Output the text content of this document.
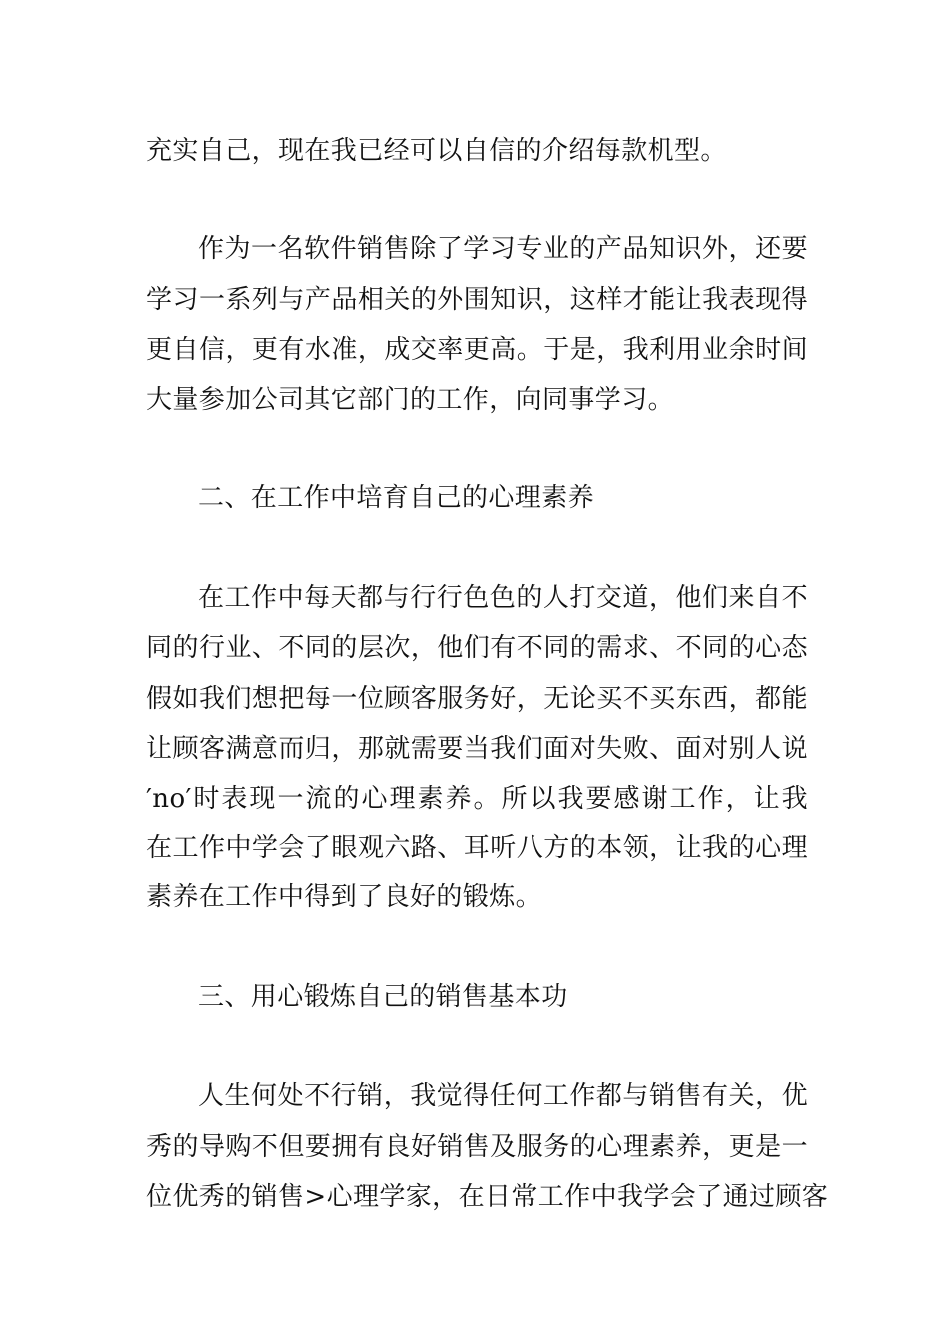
充实自己，现在我已经可以自信的介绍每款机型。
作为一名软件销售除了学习专业的产品知识外，还要
学习一系列与产品相关的外围知识，这样才能让我表现得
更自信，更有水准，成交率更高。于是，我利用业余时间
大量参加公司其它部门的工作，向同事学习。
二、在工作中培育自己的心理素养
在工作中每天都与行行色色的人打交道，他们来自不
同的行业、不同的层次，他们有不同的需求、不同的心态
假如我们想把每一位顾客服务好，无论买不买东西，都能
让顾客满意而归，那就需要当我们面对失败、面对别人说
′no′时表现一流的心理素养。所以我要感谢工作，让我
在工作中学会了眼观六路、耳听八方的本领，让我的心理
素养在工作中得到了良好的锻炼。
三、用心锻炼自己的销售基本功
人生何处不行销，我觉得任何工作都与销售有关，优
秀的导购不但要拥有良好销售及服务的心理素养，更是一
位优秀的销售>心理学家，在日常工作中我学会了通过顾客
